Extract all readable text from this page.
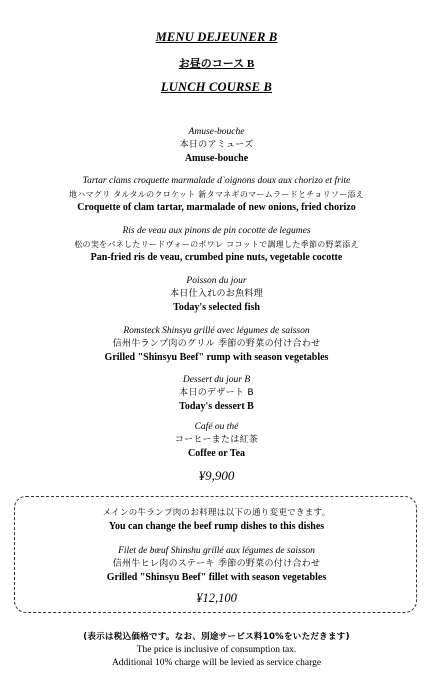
MENU DEJEUNER B
お昼のコース B
LUNCH COURSE B
Amuse-bouche
本日のアミューズ
Amuse-bouche
Tartar clams croquette marmalade d`oignons doux aux chorizo et frite
地ハマグリ タルタルのクロケット 新タマネギのマームラードとチョリソー添え
Croquette of clam tartar, marmalade of new onions, fried chorizo
Ris de veau aux pinons de pin cocotte de legumes
松の実をパネしたリードヴォーのポワレ ココットで調理した季節の野菜添え
Pan-fried ris de veau, crumbed pine nuts, vegetable cocotte
Poisson du jour
本日仕入れのお魚料理
Today's selected fish
Romsteck Shinsyu grillé avec légumes de saisson
信州牛ランプ肉のグリル 季節の野菜の付け合わせ
Grilled "Shinsyu Beef" rump with season vegetables
Dessert du jour B
本日のデザート B
Today's dessert B
Café ou thé
コーヒーまたは紅茶
Coffee or Tea
¥9,900
メインの牛ランプ肉のお料理は以下の通り変更できます。
You can change the beef rump dishes to this dishes
Filet de bœuf Shinshu grillé aux légumes de saisson
信州牛ヒレ肉のステーキ 季節の野菜の付け合わせ
Grilled "Shinsyu Beef" fillet with season vegetables
¥12,100
(表示は税込価格です。なお、別途サービス料10%をいただきます)
The price is inclusive of consumption tax.
Additional 10% charge will be levied as service charge
